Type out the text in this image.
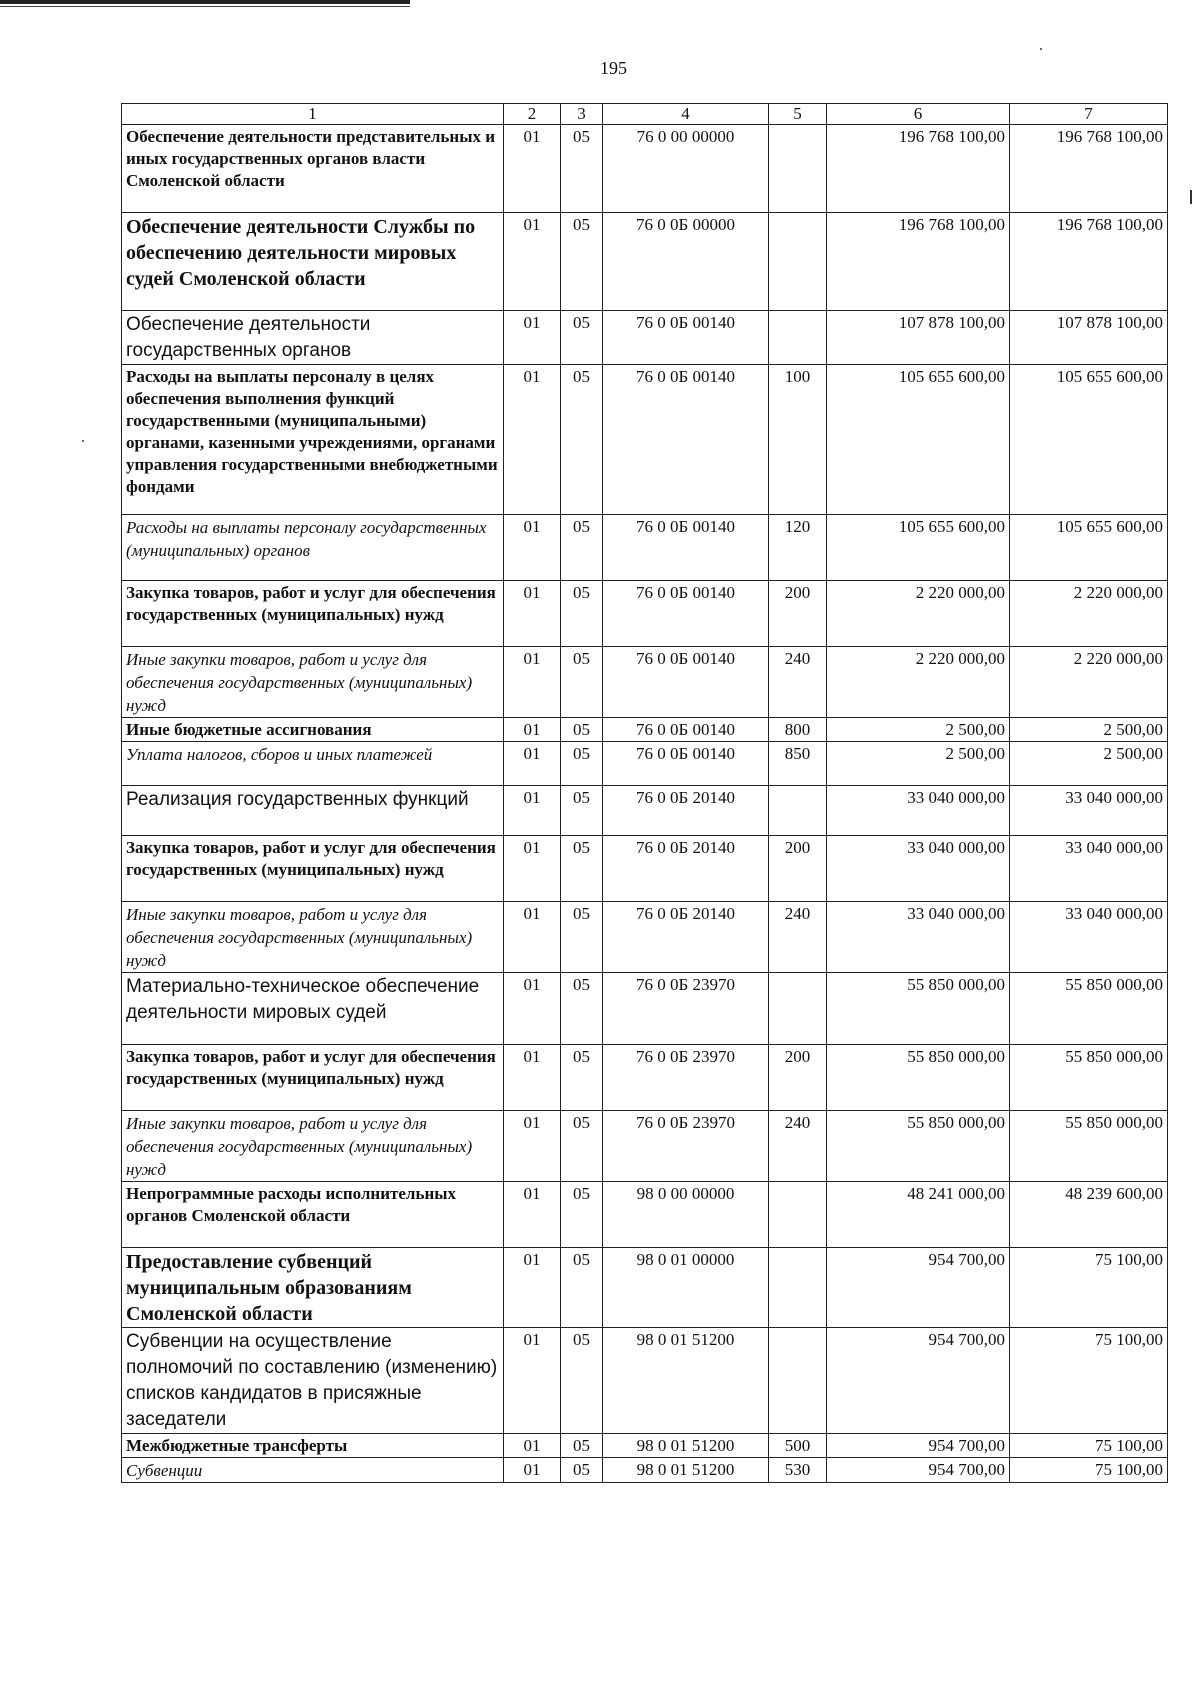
195
1	2	3	4	5	6	7
Обеспечение деятельности представительных и иных государственных органов власти Смоленской области	01	05	76 0 00 00000		196 768 100,00	196 768 100,00
Обеспечение деятельности Службы по обеспечению деятельности мировых судей Смоленской области	01	05	76 0 0Б 00000		196 768 100,00	196 768 100,00
Обеспечение деятельности государственных органов	01	05	76 0 0Б 00140		107 878 100,00	107 878 100,00
Расходы на выплаты персоналу в целях обеспечения выполнения функций государственными (муниципальными) органами, казенными учреждениями, органами управления государственными внебюджетными фондами	01	05	76 0 0Б 00140	100	105 655 600,00	105 655 600,00
Расходы на выплаты персоналу государственных (муниципальных) органов	01	05	76 0 0Б 00140	120	105 655 600,00	105 655 600,00
Закупка товаров, работ и услуг для обеспечения государственных (муниципальных) нужд	01	05	76 0 0Б 00140	200	2 220 000,00	2 220 000,00
Иные закупки товаров, работ и услуг для обеспечения государственных (муниципальных) нужд	01	05	76 0 0Б 00140	240	2 220 000,00	2 220 000,00
Иные бюджетные ассигнования	01	05	76 0 0Б 00140	800	2 500,00	2 500,00
Уплата налогов, сборов и иных платежей	01	05	76 0 0Б 00140	850	2 500,00	2 500,00
Реализация государственных функций	01	05	76 0 0Б 20140		33 040 000,00	33 040 000,00
Закупка товаров, работ и услуг для обеспечения государственных (муниципальных) нужд	01	05	76 0 0Б 20140	200	33 040 000,00	33 040 000,00
Иные закупки товаров, работ и услуг для обеспечения государственных (муниципальных) нужд	01	05	76 0 0Б 20140	240	33 040 000,00	33 040 000,00
Материально-техническое обеспечение деятельности мировых судей	01	05	76 0 0Б 23970		55 850 000,00	55 850 000,00
Закупка товаров, работ и услуг для обеспечения государственных (муниципальных) нужд	01	05	76 0 0Б 23970	200	55 850 000,00	55 850 000,00
Иные закупки товаров, работ и услуг для обеспечения государственных (муниципальных) нужд	01	05	76 0 0Б 23970	240	55 850 000,00	55 850 000,00
Непрограммные расходы исполнительных органов Смоленской области	01	05	98 0 00 00000		48 241 000,00	48 239 600,00
Предоставление субвенций муниципальным образованиям Смоленской области	01	05	98 0 01 00000		954 700,00	75 100,00
Субвенции на осуществление полномочий по составлению (изменению) списков кандидатов в присяжные заседатели	01	05	98 0 01 51200		954 700,00	75 100,00
Межбюджетные трансферты	01	05	98 0 01 51200	500	954 700,00	75 100,00
Субвенции	01	05	98 0 01 51200	530	954 700,00	75 100,00
